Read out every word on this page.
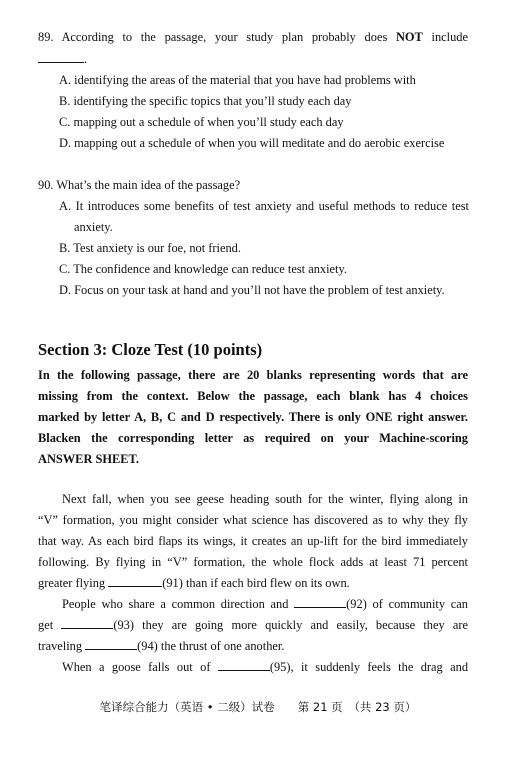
89. According to the passage, your study plan probably does NOT include
.
A. identifying the areas of the material that you have had problems with
B. identifying the specific topics that you’ll study each day
C. mapping out a schedule of when you’ll study each day
D. mapping out a schedule of when you will meditate and do aerobic exercise
90. What’s the main idea of the passage?
A. It introduces some benefits of test anxiety and useful methods to reduce test
anxiety.
B. Test anxiety is our foe, not friend.
C. The confidence and knowledge can reduce test anxiety.
D. Focus on your task at hand and you’ll not have the problem of test anxiety.
Section 3: Cloze Test (10 points)
In the following passage, there are 20 blanks representing words that are
missing from the context. Below the passage, each blank has 4 choices
marked by letter A, B, C and D respectively. There is only ONE right answer.
Blacken the corresponding letter as required on your Machine-scoring
ANSWER SHEET.
Next fall, when you see geese heading south for the winter, flying along in
“V” formation, you might consider what science has discovered as to why they fly
that way. As each bird flaps its wings, it creates an up-lift for the bird immediately
following. By flying in “V” formation, the whole flock adds at least 71 percent
greater flying	(91) than if each bird flew on its own.
People who share a common direction and	(92) of community can
get	(93) they are going more quickly and easily, because they are
traveling	(94) the thrust of one another.
When a goose falls out of	(95), it suddenly feels the drag and
笔译综合能力（英语 • 二级）试卷　　第 21 页　（共 23 页）
